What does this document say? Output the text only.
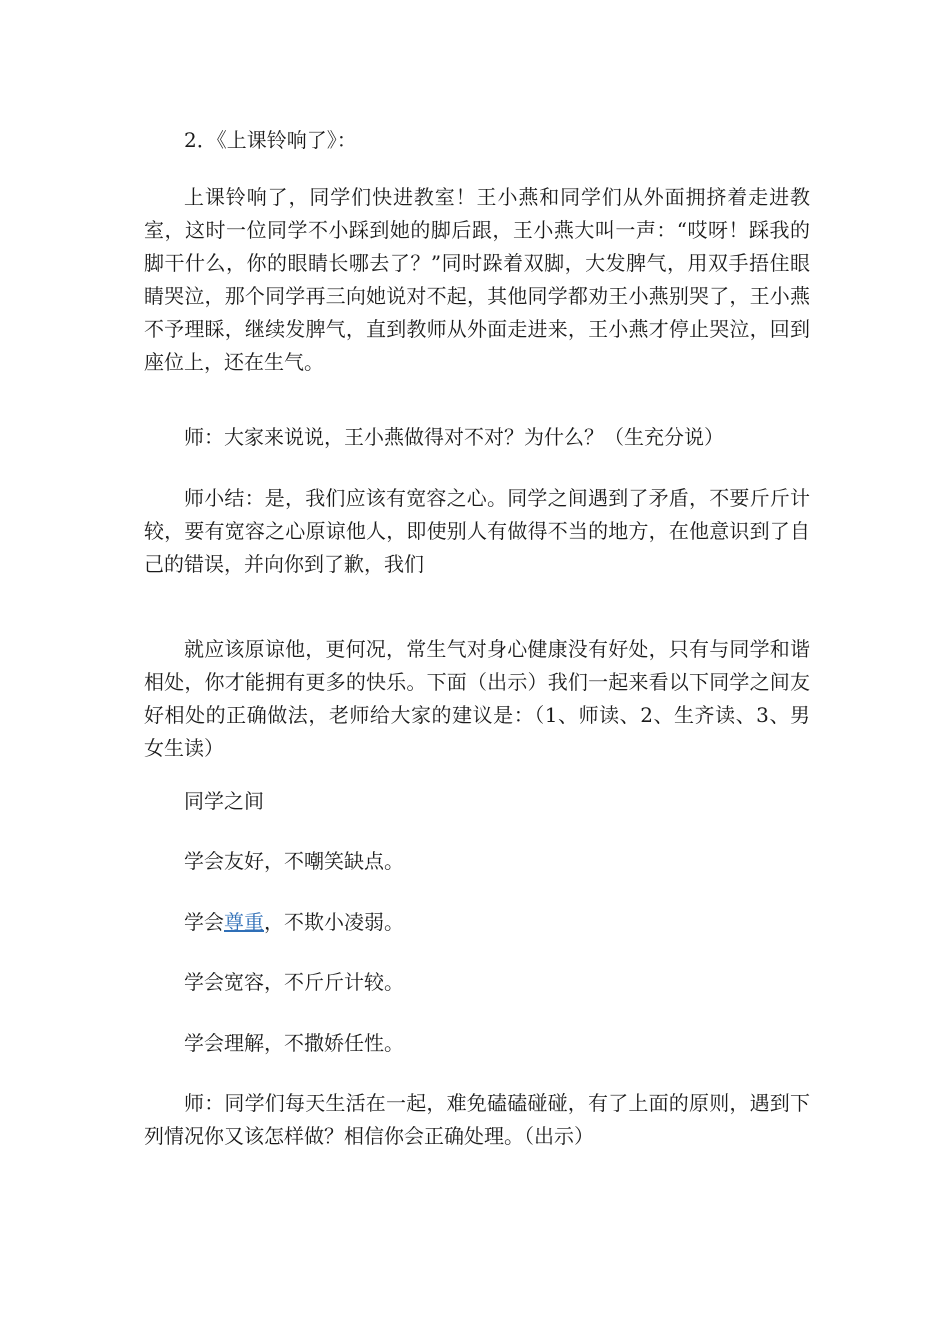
2．《上课铃响了》：
上课铃响了，同学们快进教室！王小燕和同学们从外面拥挤着走进教室，这时一位同学不小踩到她的脚后跟，王小燕大叫一声：“哎呀！踩我的脚干什么，你的眼睛长哪去了？”同时跺着双脚，大发脾气，用双手捂住眼睛哭泣，那个同学再三向她说对不起，其他同学都劝王小燕别哭了，王小燕不予理睬，继续发脾气，直到教师从外面走进来，王小燕才停止哭泣，回到座位上，还在生气。
师：大家来说说，王小燕做得对不对？为什么？（生充分说）
师小结：是，我们应该有宽容之心。同学之间遇到了矛盾，不要斤斤计较，要有宽容之心原谅他人，即使别人有做得不当的地方，在他意识到了自己的错误，并向你到了歉，我们
就应该原谅他，更何况，常生气对身心健康没有好处，只有与同学和谐相处，你才能拥有更多的快乐。下面（出示）我们一起来看以下同学之间友好相处的正确做法，老师给大家的建议是：（1、师读、2、生齐读、3、男女生读）
同学之间
学会友好，不嘲笑缺点。
学会尊重，不欺小凌弱。
学会宽容，不斤斤计较。
学会理解，不撒娇任性。
师：同学们每天生活在一起，难免磕磕碰碰，有了上面的原则，遇到下列情况你又该怎样做？相信你会正确处理。（出示）
